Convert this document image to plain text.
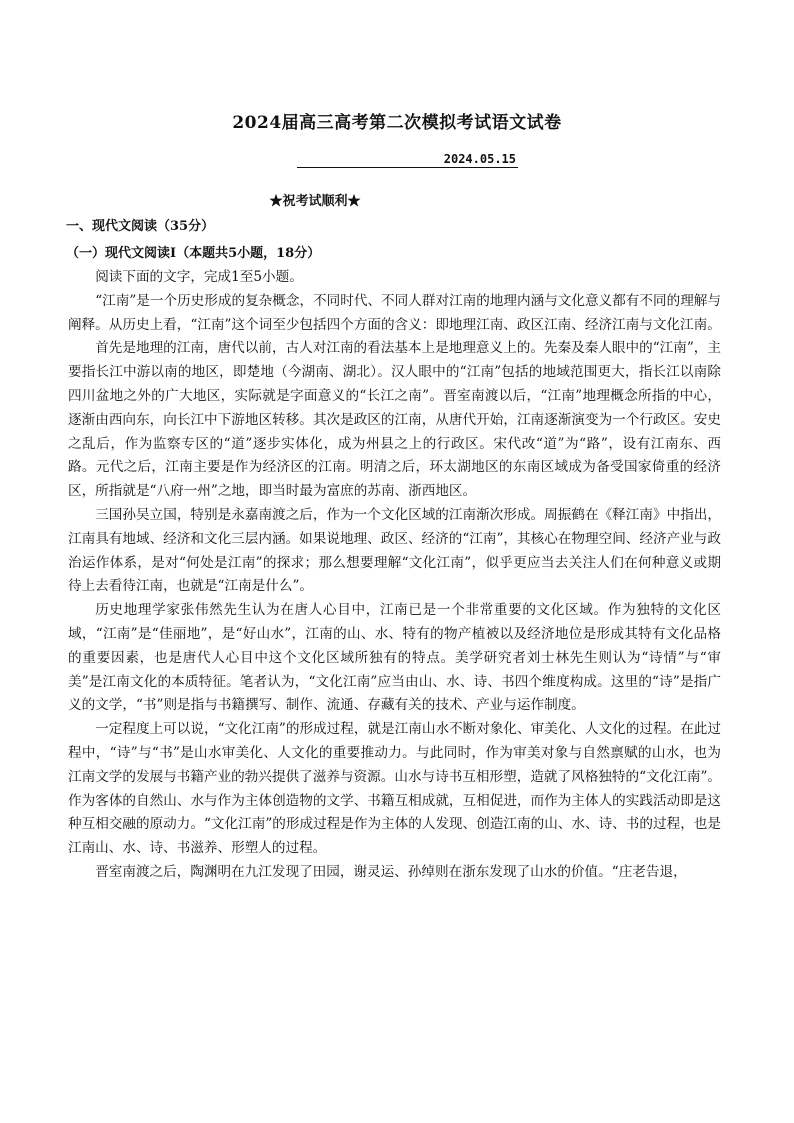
2024届高三高考第二次模拟考试语文试卷
2024.05.15
★祝考试顺利★
一、现代文阅读（35分）
（一）现代文阅读Ⅰ（本题共5小题，18分）

阅读下面的文字，完成1至5小题。

“江南”是一个历史形成的复杂概念，不同时代、不同人群对江南的地理内涵与文化意义都有不同的理解与阐释。从历史上看，“江南”这个词至少包括四个方面的含义：即地理江南、政区江南、经济江南与文化江南。

首先是地理的江南，唐代以前，古人对江南的看法基本上是地理意义上的。先秦及秦人眼中的“江南”，主要指长江中游以南的地区，即楚地（今湖南、湖北）。汉人眼中的“江南”包括的地域范围更大，指长江以南除四川盆地之外的广大地区，实际就是字面意义的“长江之南”。晋室南渡以后，“江南”地理概念所指的中心，逐渐由西向东，向长江中下游地区转移。其次是政区的江南，从唐代开始，江南逐渐演变为一个行政区。安史之乱后，作为监察专区的“道”逐步实体化，成为州县之上的行政区。宋代改“道”为“路”，设有江南东、西路。元代之后，江南主要是作为经济区的江南。明清之后，环太湖地区的东南区域成为备受国家倚重的经济区，所指就是“八府一州”之地，即当时最为富庶的苏南、浙西地区。

三国孙吴立国，特别是永嘉南渡之后，作为一个文化区域的江南渐次形成。周振鹤在《释江南》中指出，江南具有地域、经济和文化三层内涵。如果说地理、政区、经济的“江南”，其核心在物理空间、经济产业与政治运作体系，是对“何处是江南”的探求；那么想要理解“文化江南”，似乎更应当去关注人们在何种意义或期待上去看待江南，也就是“江南是什么”。

历史地理学家张伟然先生认为在唐人心目中，江南已是一个非常重要的文化区域。作为独特的文化区域，“江南”是“佳丽地”，是“好山水”，江南的山、水、特有的物产植被以及经济地位是形成其特有文化品格的重要因素，也是唐代人心目中这个文化区域所独有的特点。美学研究者刘士林先生则认为“诗情”与“审美”是江南文化的本质特征。笔者认为，“文化江南”应当由山、水、诗、书四个维度构成。这里的“诗”是指广义的文学，“书”则是指与书籍撰写、制作、流通、存藏有关的技术、产业与运作制度。

一定程度上可以说，“文化江南”的形成过程，就是江南山水不断对象化、审美化、人文化的过程。在此过程中，“诗”与“书”是山水审美化、人文化的重要推动力。与此同时，作为审美对象与自然禀赋的山水，也为江南文学的发展与书籍产业的勃兴提供了滋养与资源。山水与诗书互相形塑，造就了风格独特的“文化江南”。作为客体的自然山、水与作为主体创造物的文学、书籍互相成就，互相促进，而作为主体人的实践活动即是这种互相交融的原动力。“文化江南”的形成过程是作为主体的人发现、创造江南的山、水、诗、书的过程，也是江南山、水、诗、书滋养、形塑人的过程。

晋室南渡之后，陶渊明在九江发现了田园，谢灵运、孙绰则在浙东发现了山水的价值。“庄老告退，
